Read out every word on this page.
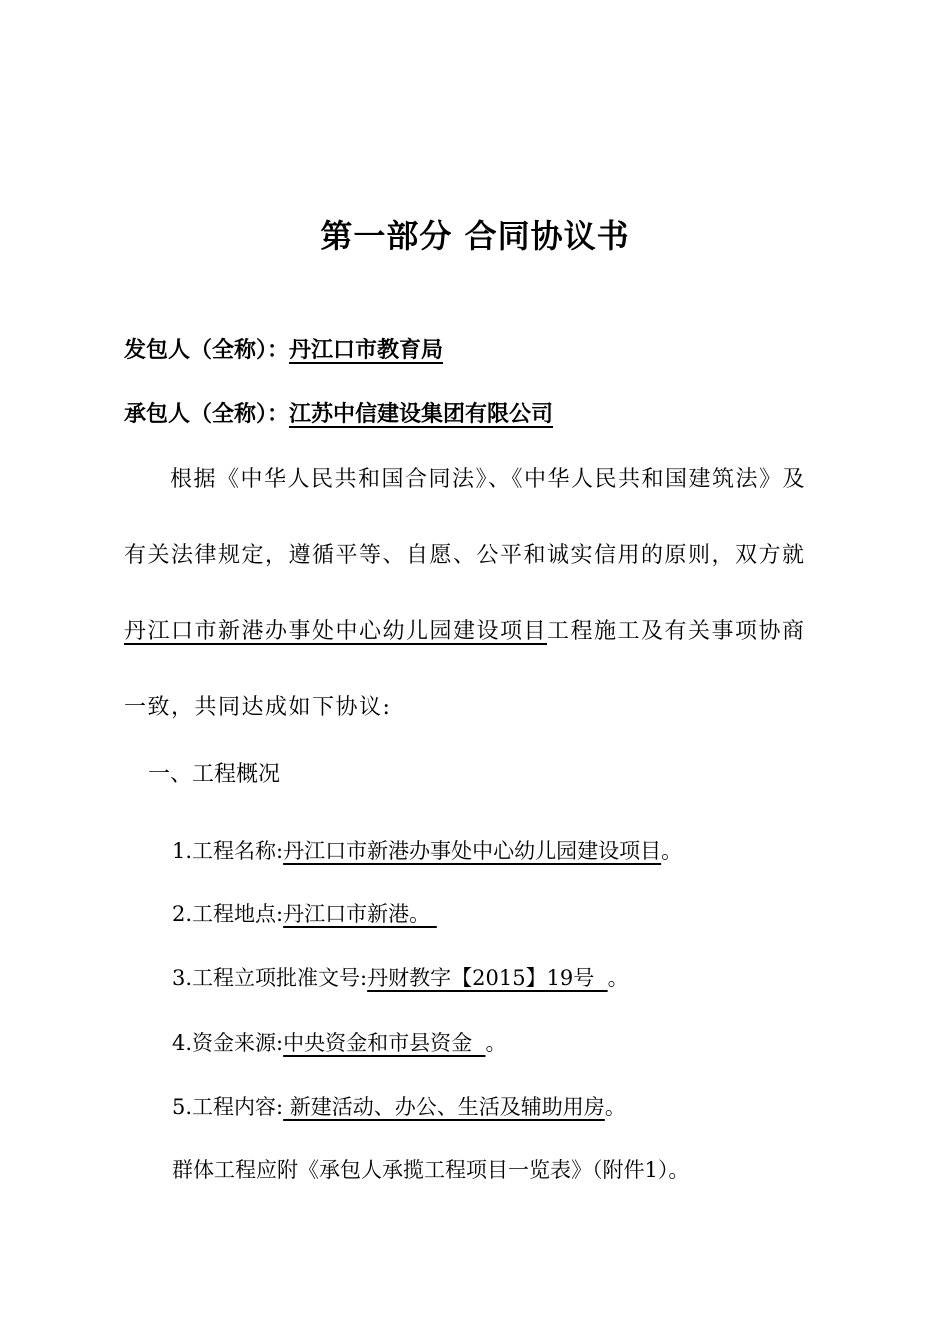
第一部分 合同协议书
发包人（全称）：丹江口市教育局
承包人（全称）：江苏中信建设集团有限公司
根据《中华人民共和国合同法》、《中华人民共和国建筑法》及有关法律规定，遵循平等、自愿、公平和诚实信用的原则，双方就丹江口市新港办事处中心幼儿园建设项目工程施工及有关事项协商一致，共同达成如下协议:
一、工程概况
1.工程名称:丹江口市新港办事处中心幼儿园建设项目。
2.工程地点:丹江口市新港。
3.工程立项批准文号:丹财教字【2015】19号  。
4.资金来源:中央资金和市县资金  。
5.工程内容: 新建活动、办公、生活及辅助用房。
群体工程应附《承包人承揽工程项目一览表》（附件1）。
